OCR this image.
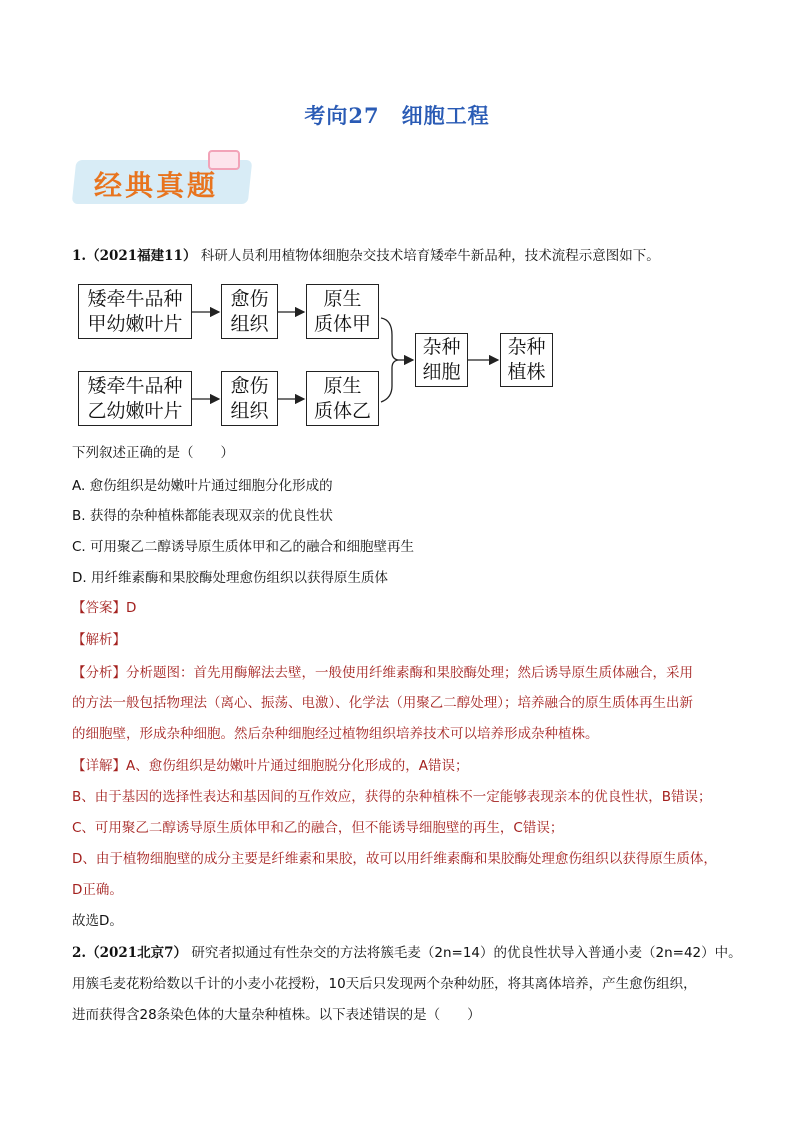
考向27　细胞工程
经典真题
1.（2021福建11） 科研人员利用植物体细胞杂交技术培育矮牵牛新品种，技术流程示意图如下。
矮牵牛品种
甲幼嫩叶片
愈伤
组织
原生
质体甲
矮牵牛品种
乙幼嫩叶片
愈伤
组织
原生
质体乙
杂种
细胞
杂种
植株
下列叙述正确的是（　　）
A. 愈伤组织是幼嫩叶片通过细胞分化形成的
B. 获得的杂种植株都能表现双亲的优良性状
C. 可用聚乙二醇诱导原生质体甲和乙的融合和细胞壁再生
D. 用纤维素酶和果胶酶处理愈伤组织以获得原生质体
【答案】D
【解析】
【分析】分析题图：首先用酶解法去壁，一般使用纤维素酶和果胶酶处理；然后诱导原生质体融合，采用
的方法一般包括物理法（离心、振荡、电激）、化学法（用聚乙二醇处理）；培养融合的原生质体再生出新
的细胞壁，形成杂种细胞。然后杂种细胞经过植物组织培养技术可以培养形成杂种植株。
【详解】A、愈伤组织是幼嫩叶片通过细胞脱分化形成的，A错误；
B、由于基因的选择性表达和基因间的互作效应，获得的杂种植株不一定能够表现亲本的优良性状，B错误；
C、可用聚乙二醇诱导原生质体甲和乙的融合，但不能诱导细胞壁的再生，C错误；
D、由于植物细胞壁的成分主要是纤维素和果胶，故可以用纤维素酶和果胶酶处理愈伤组织以获得原生质体，
D正确。
故选D。
2.（2021北京7） 研究者拟通过有性杂交的方法将簇毛麦（2n=14）的优良性状导入普通小麦（2n=42）中。
用簇毛麦花粉给数以千计的小麦小花授粉，10天后只发现两个杂种幼胚，将其离体培养，产生愈伤组织，
进而获得含28条染色体的大量杂种植株。以下表述错误的是（　　）
